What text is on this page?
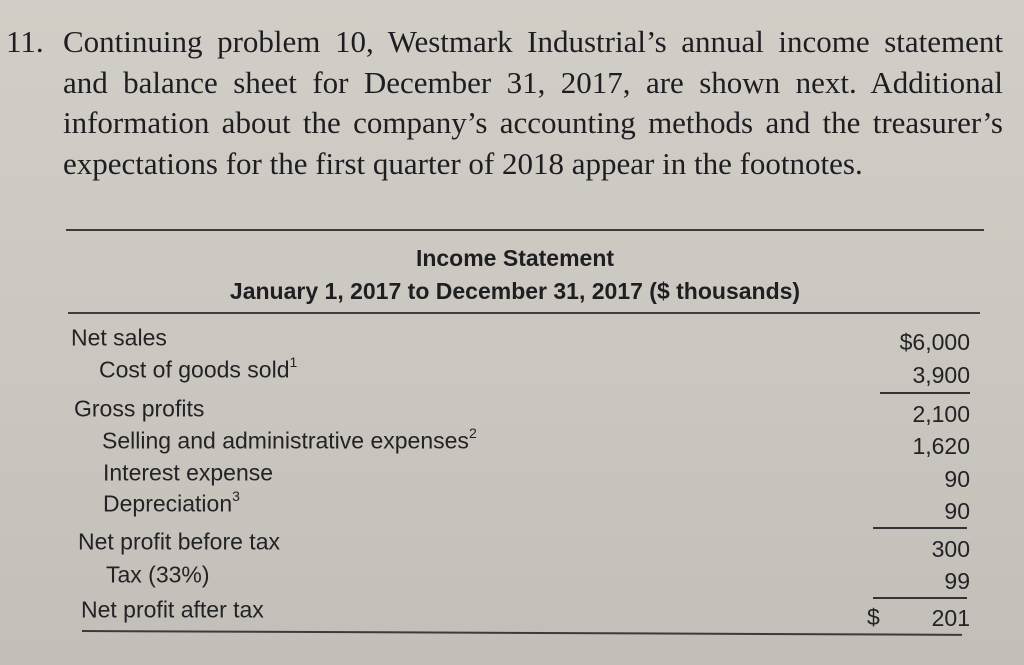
11. Continuing problem 10, Westmark Industrial’s annual income statement and balance sheet for December 31, 2017, are shown next. Additional information about the company’s accounting methods and the treasurer’s expectations for the first quarter of 2018 appear in the footnotes.
Income Statement
January 1, 2017 to December 31, 2017 ($ thousands)
Net sales
Cost of goods sold$^1$
Gross profits
Selling and administrative expenses$^2$
Interest expense
Depreciation$^3$
Net profit before tax
Tax (33%)
Net profit after tax
$6,000
3,900
2,100
1,620
90
90
300
99
$	201
